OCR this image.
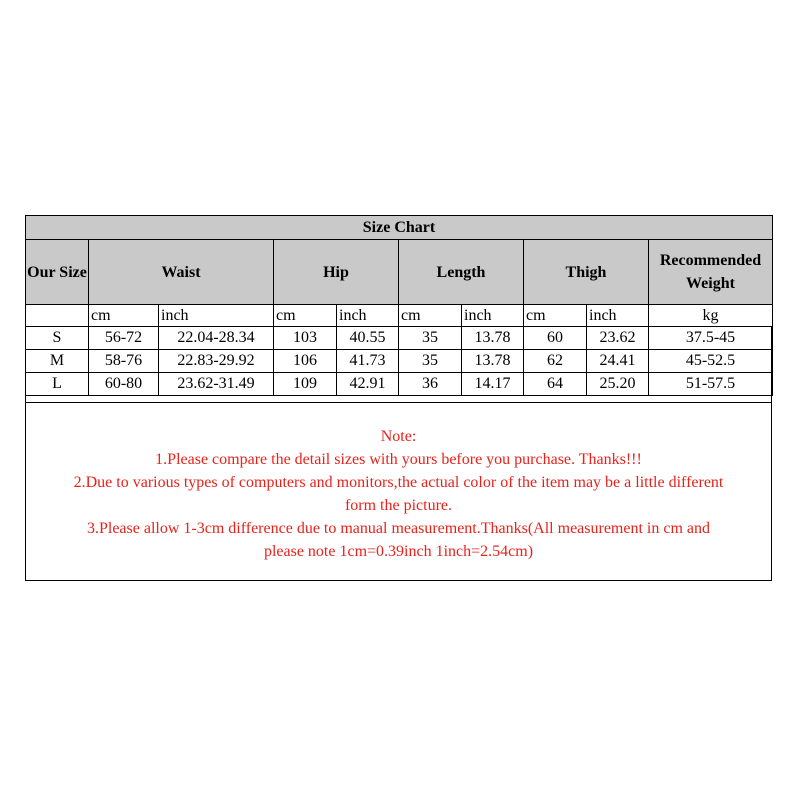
Size Chart									
Our Size	Waist		Hip		Length		Thigh		Recommended Weight
	cm	inch	cm	inch	cm	inch	cm	inch	kg
S	56-72	22.04-28.34	103	40.55	35	13.78	60	23.62	37.5-45
M	58-76	22.83-29.92	106	41.73	35	13.78	62	24.41	45-52.5
L	60-80	23.62-31.49	109	42.91	36	14.17	64	25.20	51-57.5
Note:
1.Please compare the detail sizes with yours before you purchase. Thanks!!!
2.Due to various types of computers and monitors,the actual color of the item may be a little different
form the picture.
3.Please allow 1-3cm difference due to manual measurement.Thanks(All measurement in cm and
please note 1cm=0.39inch 1inch=2.54cm)
